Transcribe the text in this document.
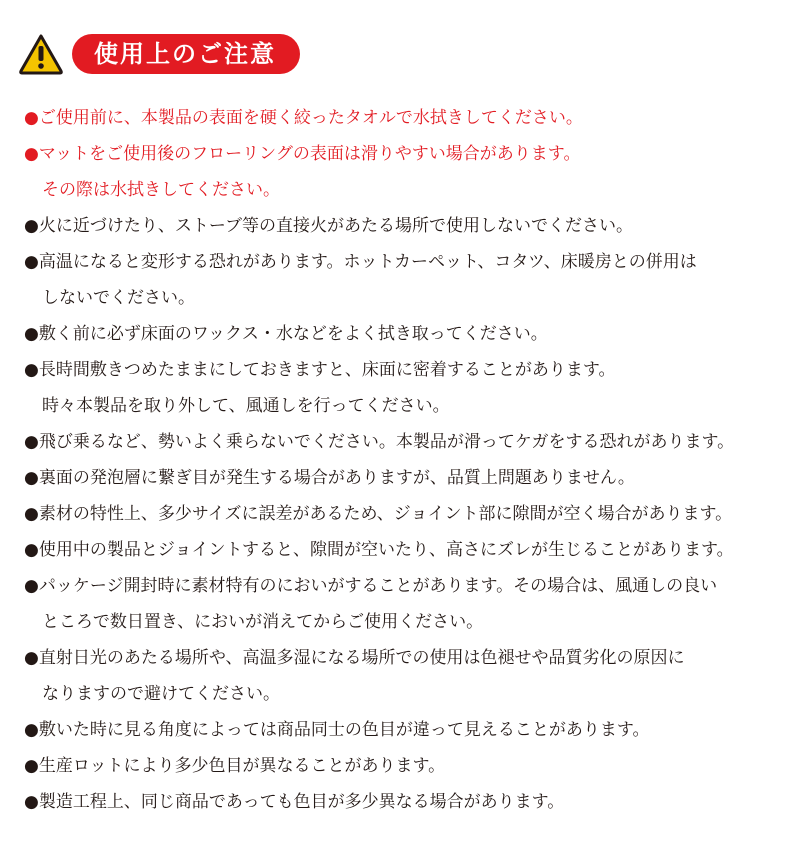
使用上のご注意
●ご使用前に、本製品の表面を硬く絞ったタオルで水拭きしてください。
●マットをご使用後のフローリングの表面は滑りやすい場合があります。
その際は水拭きしてください。
●火に近づけたり、ストーブ等の直接火があたる場所で使用しないでください。
●高温になると変形する恐れがあります。ホットカーペット、コタツ、床暖房との併用は
しないでください。
●敷く前に必ず床面のワックス・水などをよく拭き取ってください。
●長時間敷きつめたままにしておきますと、床面に密着することがあります。
時々本製品を取り外して、風通しを行ってください。
●飛び乗るなど、勢いよく乗らないでください。本製品が滑ってケガをする恐れがあります。
●裏面の発泡層に繋ぎ目が発生する場合がありますが、品質上問題ありません。
●素材の特性上、多少サイズに誤差があるため、ジョイント部に隙間が空く場合があります。
●使用中の製品とジョイントすると、隙間が空いたり、高さにズレが生じることがあります。
●パッケージ開封時に素材特有のにおいがすることがあります。その場合は、風通しの良い
ところで数日置き、においが消えてからご使用ください。
●直射日光のあたる場所や、高温多湿になる場所での使用は色褪せや品質劣化の原因に
なりますので避けてください。
●敷いた時に見る角度によっては商品同士の色目が違って見えることがあります。
●生産ロットにより多少色目が異なることがあります。
●製造工程上、同じ商品であっても色目が多少異なる場合があります。
